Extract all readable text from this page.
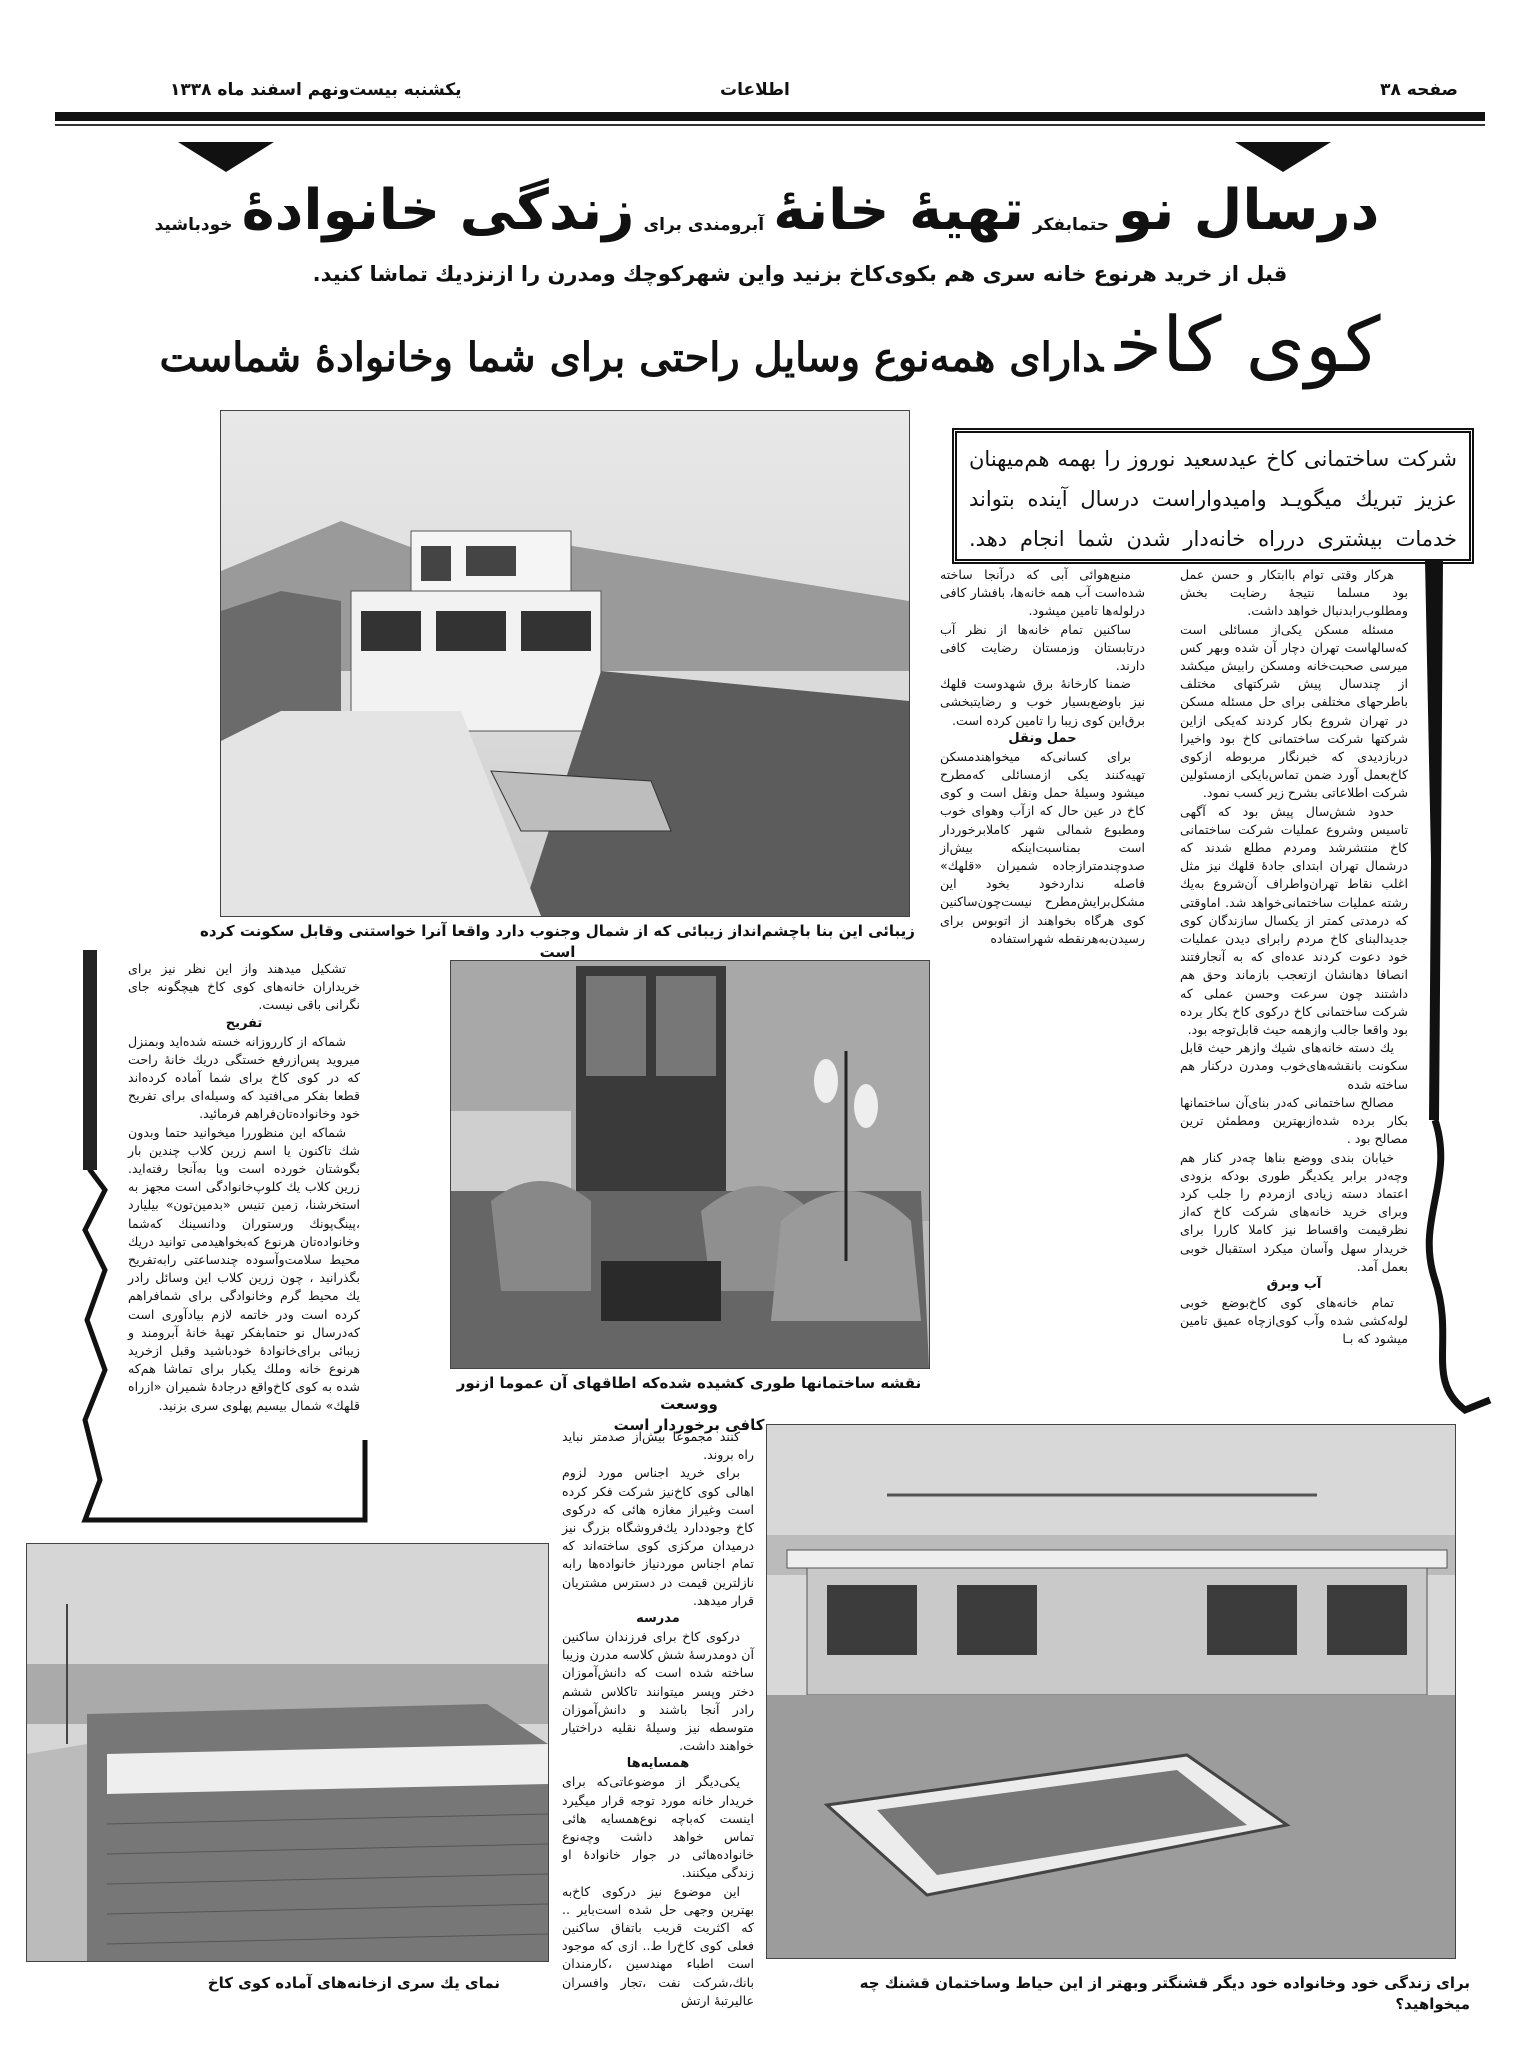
صفحه ۳۸
اطلاعات
یکشنبه بیست‌ونهم اسفند ماه ۱۳۳۸
درسال نو حتمابفکر تهیهٔ خانهٔ آبرومندی برای زندگی خانوادهٔ خودباشید
قبل از خرید هرنوع خانه سری هم بکوی‌کاخ بزنید واین شهرکوچك ومدرن را ازنزدیك تماشا کنید.
کوی کاخدارای همه‌نوع وسایل راحتی برای شما وخانوادهٔ شماست
زیبائی این بنا باچشم‌انداز زیبائی که از شمال وجنوب دارد واقعا آنرا خواستنی وقابل سکونت کرده است
شرکت ساختمانی کاخ عیدسعید نوروز را بهمه هم‌میهنان
عزیز تبریك میگویـد وامیدواراست درسال آینده بتواند
خدمات بیشتری درراه خانه‌دار شدن شما انجام دهد.

هرکار وقتی توام باابتکار و حسن عمل بود مسلما نتیجهٔ رضایت بخش ومطلوب‌رابدنبال خواهد داشت.

مسئله مسکن یکی‌از مسائلی است که‌سالهاست تهران دچار آن شده وبهر کس میرسی صحبت‌خانه ومسکن رابیش میکشد از چندسال پیش شرکتهای مختلف باطرحهای مختلفی برای حل مسئله مسکن در تهران شروع بکار کردند که‌یکی ازاین شرکتها شرکت ساختمانی کاخ بود واخیرا دربازدیدی که خبرنگار مربوطه ازکوی کاخ‌بعمل آورد ضمن تماس‌بایکی ازمسئولین شرکت اطلاعاتی بشرح زیر کسب نمود.

حدود شش‌سال پیش بود که آگهی تاسیس وشروع عملیات شرکت ساختمانی کاخ منتشرشد ومردم مطلع شدند که درشمال تهران ابتدای جادهٔ قلهك نیز مثل اغلب نقاط تهران‌واطراف آن‌شروع به‌یك رشته عملیات ساختمانی‌خواهد شد. اماوقتی که درمدتی کمتر از یکسال سازندگان کوی جدیدالبنای کاخ مردم رابرای دیدن عملیات خود دعوت کردند عده‌ای که به آنجارفتند انصافا دهانشان ازتعجب بازماند وحق هم داشتند چون سرعت وحسن عملی که شرکت ساختمانی کاخ درکوی کاخ بکار برده بود واقعا جالب وازهمه حیث قابل‌توجه بود.

یك دسته خانه‌های شیك وازهر حیث قابل سکونت بانقشه‌های‌خوب ومدرن درکنار هم ساخته شده

مصالح ساختمانی که‌در بنای‌آن ساختمانها بکار برده شده‌ازبهترین ومطمئن ترین مصالح بود .

خیابان بندی ووضع بناها چه‌در کنار هم وچه‌در برابر یکدیگر طوری بودکه بزودی اعتماد دسته زیادی ازمردم را جلب کرد وبرای خرید خانه‌های شرکت کاخ که‌از نظرقیمت واقساط نیز کاملا کاررا برای خریدار سهل وآسان میکرد استقبال خوبی بعمل آمد.

آب وبرق

تمام خانه‌های کوی کاخ‌بوضع خوبی لوله‌کشی شده وآب کوی‌ازچاه عمیق تامین میشود که بـا

منبع‌هوائی آبی که درآنجا ساخته شده‌است آب همه خانه‌ها، بافشار کافی درلوله‌ها تامین میشود.

ساکنین تمام خانه‌ها از نظر آب درتابستان وزمستان رضایت کافی دارند.

ضمنا کارخانهٔ برق شهدوست قلهك نیز باوضع‌بسیار خوب و رضایتبخشی برق‌این کوی زیبا را تامین کرده است.

حمل ونقل

برای کسانی‌که میخواهندمسکن تهیه‌کنند یکی ازمسائلی که‌مطرح میشود وسیلهٔ حمل ونقل است و کوی کاخ در عین حال که ازآب وهوای خوب ومطبوع شمالی شهر کاملابرخوردار است بمناسبت‌اینکه بیش‌از صدوچندمترازجاده شمیران «قلهك» فاصله نداردخود بخود این مشکل‌برایش‌مطرح نیست‌چون‌ساکنین کوی هرگاه بخواهند از اتوبوس برای رسیدن‌به‌هرنقطه شهراستفاده

تشکیل میدهند واز این نظر نیز برای خریداران خانه‌های کوی کاخ هیچگونه جای نگرانی باقی نیست.

تفریح

شماکه از کارروزانه خسته شده‌اید وبمنزل میروید پس‌ازرفع خستگی دریك خانهٔ راحت که در کوی کاخ برای شما آماده کرده‌اند قطعا بفکر می‌افتید که وسیله‌ای برای تفریح خود وخانواده‌تان‌فراهم فرمائید.

شماکه این منظوررا میخوانید حتما وبدون شك تاکنون یا اسم زرین کلاب چندین بار بگوشتان خورده است ویا به‌آنجا رفته‌اید. زرین کلاب یك کلوپ‌خانوادگی است مجهز به استخرشنا، زمین تنیس «بدمین‌تون» بیلیارد ،پینگ‌پونك ورستوران ودانسینك که‌شما وخانواده‌تان هرنوع که‌بخواهیدمی توانید دریك محیط سلامت‌وآسوده چندساعتی رابه‌تفریح بگذرانید ، چون زرین کلاب این وسائل رادر یك محیط گرم وخانوادگی برای شمافراهم کرده است ودر خاتمه لازم بیادآوری است که‌درسال نو حتمابفکر تهیهٔ خانهٔ آبرومند و زیبائی برای‌خانوادهٔ خودباشید وقبل ازخرید هرنوع خانه وملك یکبار برای تماشا هم‌که شده به کوی کاخ‌واقع درجادهٔ شمیران «ازراه قلهك» شمال بیسیم پهلوی سری بزنید.

نقشه ساختمانها طوری کشیده شده‌که اطاقهای آن عموما ازنور ووسعت
کافی برخوردار است

کنند مجموعا بیش‌از صدمتر نباید راه بروند.

برای خرید اجناس مورد لزوم اهالی کوی کاخ‌نیز شرکت فکر کرده است وغیراز مغازه هائی که درکوی کاخ وجوددارد یك‌فروشگاه بزرگ نیز درمیدان مرکزی کوی ساخته‌اند که تمام اجناس موردنیاز خانواده‌ها رابه نازلترین قیمت در دسترس مشتریان قرار میدهد.

مدرسه

درکوی کاخ برای فرزندان ساکنین آن دومدرسهٔ شش کلاسه مدرن وزیبا ساخته شده است که دانش‌آموزان دختر وپسر میتوانند تاکلاس ششم رادر آنجا باشند و دانش‌آموزان متوسطه نیز وسیلهٔ نقلیه دراختیار خواهند داشت.

همسایه‌ها

یکی‌دیگر از موضوعاتی‌که برای خریدار خانه مورد توجه قرار میگیرد اینست که‌باچه نوع‌همسایه هائی تماس خواهد داشت وچه‌نوع خانواده‌هائی در جوار خانوادهٔ او زندگی میکنند.

این موضوع نیز درکوی کاخ‌به بهترین وجهی حل شده است‌بایر .. که اکثریت قریب باتفاق ساکنین فعلی کوی کاخ‌را ط.. ازی که موجود است اطباء مهندسین ،کارمندان بانك،شرکت نفت ،تجار وافسران عالیرتبهٔ ارتش

برای زندگی خود وخانواده خود دیگر قشنگتر وبهتر از این حیاط وساختمان قشنك چه میخواهید؟
نمای یك سری ازخانه‌های آماده کوی کاخ
